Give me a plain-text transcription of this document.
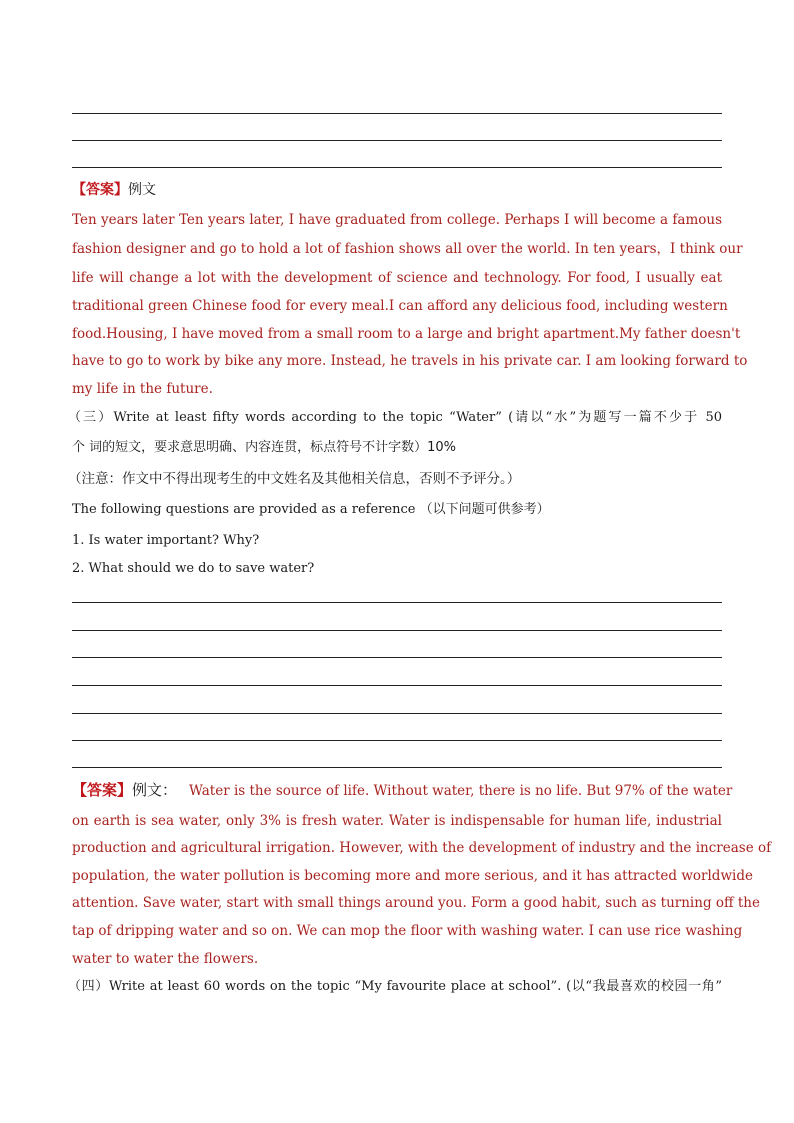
【答案】例文
Ten years later Ten years later, I have graduated from college. Perhaps I will become a famous
fashion designer and go to hold a lot of fashion shows all over the world. In ten years，I think our
life will change a lot with the development of science and technology. For food, I usually eat
traditional green Chinese food for every meal.I can afford any delicious food, including western
food.Housing, I have moved from a small room to a large and bright apartment.My father doesn't
have to go to work by bike any more. Instead, he travels in his private car. I am looking forward to
my life in the future.
（三）Write at least fifty words according to the topic “Water” (请以“水”为题写一篇不少于 50
个 词的短文，要求意思明确、内容连贯，标点符号不计字数）10%
（注意：作文中不得出现考生的中文姓名及其他相关信息，否则不予评分。）
The following questions are provided as a reference （以下问题可供参考）
1. Is water important? Why?
2. What should we do to save water?
【答案】 例文： Water is the source of life. Without water, there is no life. But 97% of the water
on earth is sea water, only 3% is fresh water. Water is indispensable for human life, industrial
production and agricultural irrigation. However, with the development of industry and the increase of
population, the water pollution is becoming more and more serious, and it has attracted worldwide
attention. Save water, start with small things around you. Form a good habit, such as turning off the
tap of dripping water and so on. We can mop the floor with washing water. I can use rice washing
water to water the flowers.
（四）Write at least 60 words on the topic “My favourite place at school”. (以“我最喜欢的校园一角”
